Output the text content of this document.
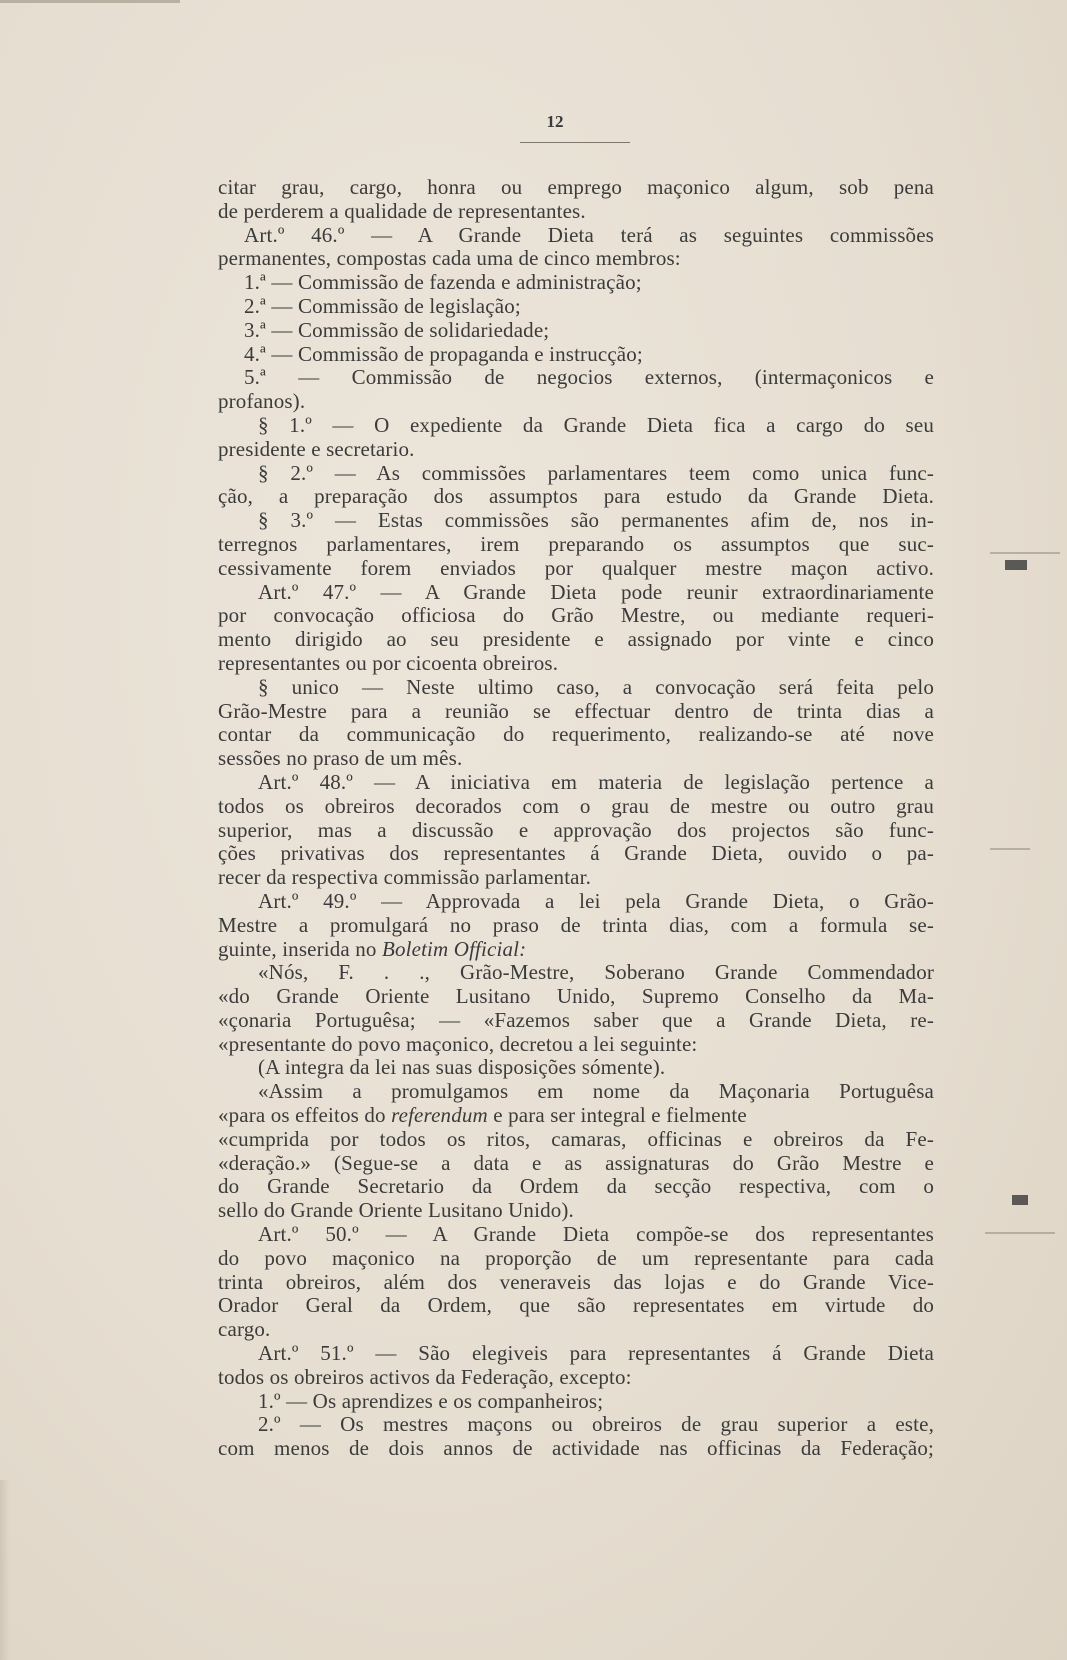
12
citar grau, cargo, honra ou emprego maçonico algum, sob pena
de perderem a qualidade de representantes.
Art.º 46.º — A Grande Dieta terá as seguintes commissões
permanentes, compostas cada uma de cinco membros:
1.ª — Commissão de fazenda e administração;
2.ª — Commissão de legislação;
3.ª — Commissão de solidariedade;
4.ª — Commissão de propaganda e instrucção;
5.ª — Commissão de negocios externos, (intermaçonicos e
profanos).
§ 1.º — O expediente da Grande Dieta fica a cargo do seu
presidente e secretario.
§ 2.º — As commissões parlamentares teem como unica func-
ção, a preparação dos assumptos para estudo da Grande Dieta.
§ 3.º — Estas commissões são permanentes afim de, nos in-
terregnos parlamentares, irem preparando os assumptos que suc-
cessivamente forem enviados por qualquer mestre maçon activo.
Art.º 47.º — A Grande Dieta pode reunir extraordinariamente
por convocação officiosa do Grão Mestre, ou mediante requeri-
mento dirigido ao seu presidente e assignado por vinte e cinco
representantes ou por cicoenta obreiros.
§ unico — Neste ultimo caso, a convocação será feita pelo
Grão-Mestre para a reunião se effectuar dentro de trinta dias a
contar da communicação do requerimento, realizando-se até nove
sessões no praso de um mês.
Art.º 48.º — A iniciativa em materia de legislação pertence a
todos os obreiros decorados com o grau de mestre ou outro grau
superior, mas a discussão e approvação dos projectos são func-
ções privativas dos representantes á Grande Dieta, ouvido o pa-
recer da respectiva commissão parlamentar.
Art.º 49.º — Approvada a lei pela Grande Dieta, o Grão-
Mestre a promulgará no praso de trinta dias, com a formula se-
guinte, inserida no Boletim Official:
«Nós, F. . ., Grão-Mestre, Soberano Grande Commendador
«do Grande Oriente Lusitano Unido, Supremo Conselho da Ma-
«çonaria Portuguêsa; — «Fazemos saber que a Grande Dieta, re-
«presentante do povo maçonico, decretou a lei seguinte:
(A integra da lei nas suas disposições sómente).
«Assim a promulgamos em nome da Maçonaria Portuguêsa
«para os effeitos do referendum e para ser integral e fielmente
«cumprida por todos os ritos, camaras, officinas e obreiros da Fe-
«deração.» (Segue-se a data e as assignaturas do Grão Mestre e
do Grande Secretario da Ordem da secção respectiva, com o
sello do Grande Oriente Lusitano Unido).
Art.º 50.º — A Grande Dieta compõe-se dos representantes
do povo maçonico na proporção de um representante para cada
trinta obreiros, além dos veneraveis das lojas e do Grande Vice-
Orador Geral da Ordem, que são representates em virtude do
cargo.
Art.º 51.º — São elegiveis para representantes á Grande Dieta
todos os obreiros activos da Federação, excepto:
1.º — Os aprendizes e os companheiros;
2.º — Os mestres maçons ou obreiros de grau superior a este,
com menos de dois annos de actividade nas officinas da Federação;
